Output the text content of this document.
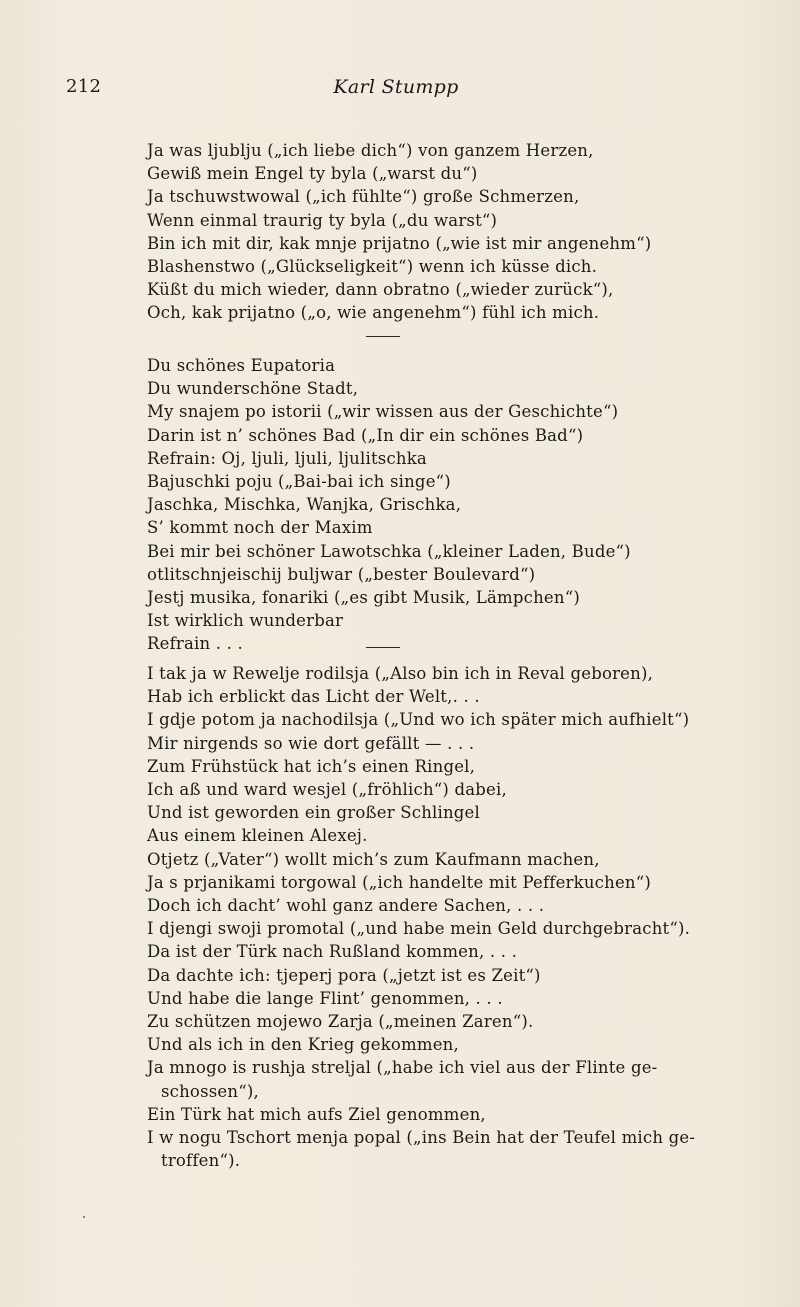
212	Karl Stumpp
Ja was ljublju („ich liebe dich“) von ganzem Herzen,
Gewiß mein Engel ty byla („warst du“)
Ja tschuwstwowal („ich fühlte“) große Schmerzen,
Wenn einmal traurig ty byla („du warst“)
Bin ich mit dir, kak mnje prijatno („wie ist mir angenehm“)
Blashenstwo („Glückseligkeit“) wenn ich küsse dich.
Küßt du mich wieder, dann obratno („wieder zurück“),
Och, kak prijatno („o, wie angenehm“) fühl ich mich.
Du schönes Eupatoria
Du wunderschöne Stadt,
My snajem po istorii („wir wissen aus der Geschichte“)
Darin ist n’ schönes Bad („In dir ein schönes Bad“)
Refrain: Oj, ljuli, ljuli, ljulitschka
Bajuschki poju („Bai-bai ich singe“)
Jaschka, Mischka, Wanjka, Grischka,
S’ kommt noch der Maxim
Bei mir bei schöner Lawotschka („kleiner Laden, Bude“)
otlitschnjeischij buljwar („bester Boulevard“)
Jestj musika, fonariki („es gibt Musik, Lämpchen“)
Ist wirklich wunderbar
Refrain . . .
I tak ja w Rewelje rodilsja („Also bin ich in Reval geboren),
Hab ich erblickt das Licht der Welt,. . .
I gdje potom ja nachodilsja („Und wo ich später mich aufhielt“)
Mir nirgends so wie dort gefällt — . . .
Zum Frühstück hat ich’s einen Ringel,
Ich aß und ward wesjel („fröhlich“) dabei,
Und ist geworden ein großer Schlingel
Aus einem kleinen Alexej.
Otjetz („Vater“) wollt mich’s zum Kaufmann machen,
Ja s prjanikami torgowal („ich handelte mit Pefferkuchen“)
Doch ich dacht’ wohl ganz andere Sachen, . . .
I djengi swoji promotal („und habe mein Geld durchgebracht“).
Da ist der Türk nach Rußland kommen, . . .
Da dachte ich: tjeperj pora („jetzt ist es Zeit“)
Und habe die lange Flint’ genommen, . . .
Zu schützen mojewo Zarja („meinen Zaren“).
Und als ich in den Krieg gekommen,
Ja mnogo is rushja streljal („habe ich viel aus der Flinte ge-
schossen“),
Ein Türk hat mich aufs Ziel genommen,
I w nogu Tschort menja popal („ins Bein hat der Teufel mich ge-
troffen“).
